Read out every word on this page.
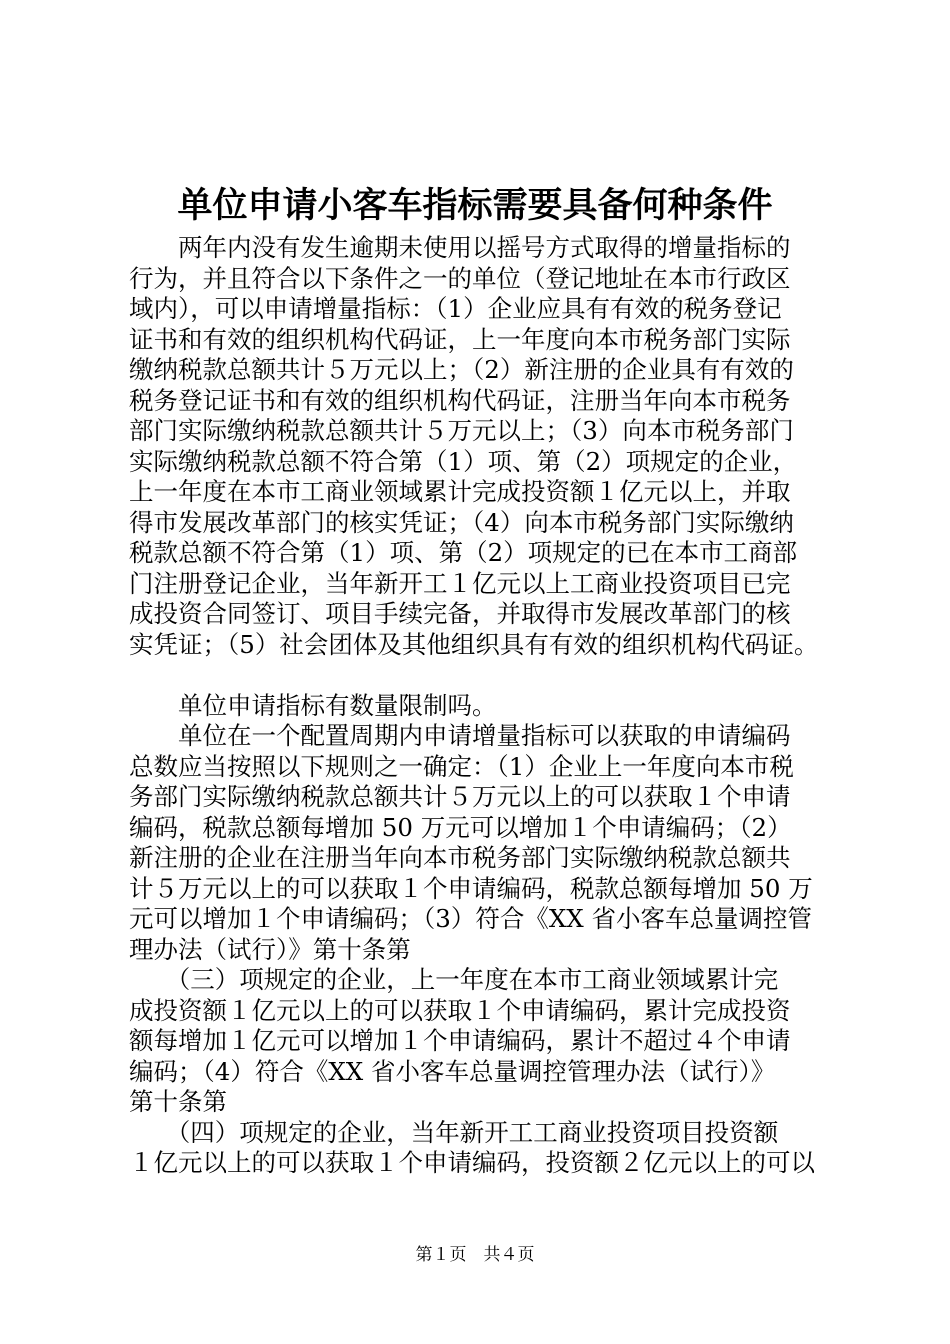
单位申请小客车指标需要具备何种条件
　　两年内没有发生逾期未使用以摇号方式取得的增量指标的
行为，并且符合以下条件之一的单位（登记地址在本市行政区
域内），可以申请增量指标：（1）企业应具有有效的税务登记
证书和有效的组织机构代码证，上一年度向本市税务部门实际
缴纳税款总额共计５万元以上；（2）新注册的企业具有有效的
税务登记证书和有效的组织机构代码证，注册当年向本市税务
部门实际缴纳税款总额共计５万元以上；（3）向本市税务部门
实际缴纳税款总额不符合第（1）项、第（2）项规定的企业，
上一年度在本市工商业领域累计完成投资额１亿元以上，并取
得市发展改革部门的核实凭证；（4）向本市税务部门实际缴纳
税款总额不符合第（1）项、第（2）项规定的已在本市工商部
门注册登记企业，当年新开工１亿元以上工商业投资项目已完
成投资合同签订、项目手续完备，并取得市发展改革部门的核
实凭证；（5）社会团体及其他组织具有有效的组织机构代码证。
　　单位申请指标有数量限制吗。
　　单位在一个配置周期内申请增量指标可以获取的申请编码
总数应当按照以下规则之一确定：（1）企业上一年度向本市税
务部门实际缴纳税款总额共计５万元以上的可以获取１个申请
编码，税款总额每增加 50 万元可以增加１个申请编码；（2）
新注册的企业在注册当年向本市税务部门实际缴纳税款总额共
计５万元以上的可以获取１个申请编码，税款总额每增加 50 万
元可以增加１个申请编码；（3）符合《XX 省小客车总量调控管
理办法（试行）》第十条第
　　（三）项规定的企业，上一年度在本市工商业领域累计完
成投资额１亿元以上的可以获取１个申请编码，累计完成投资
额每增加１亿元可以增加１个申请编码，累计不超过４个申请
编码；（4）符合《XX 省小客车总量调控管理办法（试行）》
第十条第
　　（四）项规定的企业，当年新开工工商业投资项目投资额
１亿元以上的可以获取１个申请编码，投资额２亿元以上的可以
第１页　共４页
